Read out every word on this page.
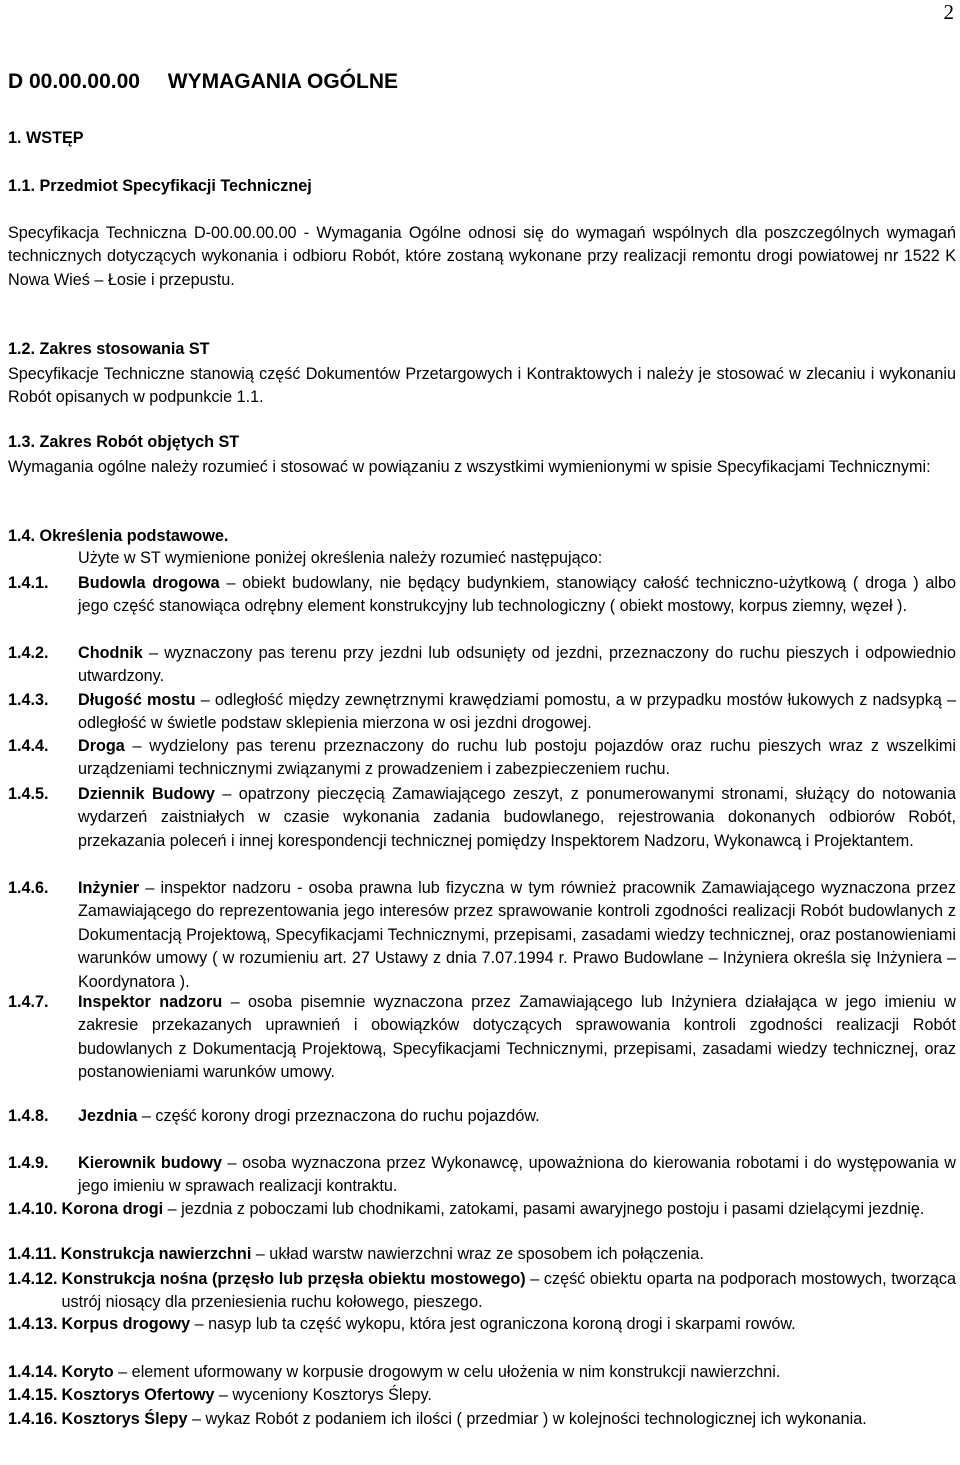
2
D 00.00.00.00 WYMAGANIA OGÓLNE
1. WSTĘP
1.1. Przedmiot Specyfikacji Technicznej
Specyfikacja Techniczna D-00.00.00.00 - Wymagania Ogólne odnosi się do wymagań wspólnych dla poszczególnych wymagań technicznych dotyczących wykonania i odbioru Robót, które zostaną wykonane przy realizacji remontu drogi powiatowej nr 1522 K Nowa Wieś – Łosie i przepustu.
1.2. Zakres stosowania ST
Specyfikacje Techniczne stanowią część Dokumentów Przetargowych i Kontraktowych i należy je stosować w zlecaniu i wykonaniu Robót opisanych w podpunkcie 1.1.
1.3. Zakres Robót objętych ST
Wymagania ogólne należy rozumieć i stosować w powiązaniu z wszystkimi wymienionymi w spisie Specyfikacjami Technicznymi:
1.4. Określenia podstawowe.
Użyte w ST wymienione poniżej określenia należy rozumieć następująco:
1.4.1.	Budowla drogowa – obiekt budowlany, nie będący budynkiem, stanowiący całość techniczno-użytkową ( droga ) albo jego część stanowiąca odrębny element konstrukcyjny lub technologiczny ( obiekt mostowy, korpus ziemny, węzeł ).
1.4.2.	Chodnik – wyznaczony pas terenu przy jezdni lub odsunięty od jezdni, przeznaczony do ruchu pieszych i odpowiednio utwardzony.
1.4.3.	Długość mostu – odległość między zewnętrznymi krawędziami pomostu, a w przypadku mostów łukowych z nadsypką – odległość w świetle podstaw sklepienia mierzona w osi jezdni drogowej.
1.4.4.	Droga – wydzielony pas terenu przeznaczony do ruchu lub postoju pojazdów oraz ruchu pieszych wraz z wszelkimi urządzeniami technicznymi związanymi z prowadzeniem i zabezpieczeniem ruchu.
1.4.5.	Dziennik Budowy – opatrzony pieczęcią Zamawiającego zeszyt, z ponumerowanymi stronami, służący do notowania wydarzeń zaistniałych w czasie wykonania zadania budowlanego, rejestrowania dokonanych odbiorów Robót, przekazania poleceń i innej korespondencji technicznej pomiędzy Inspektorem Nadzoru, Wykonawcą i Projektantem.
1.4.6.	Inżynier – inspektor nadzoru - osoba prawna lub fizyczna w tym również pracownik Zamawiającego wyznaczona przez Zamawiającego do reprezentowania jego interesów przez sprawowanie kontroli zgodności realizacji Robót budowlanych z Dokumentacją Projektową, Specyfikacjami Technicznymi, przepisami, zasadami wiedzy technicznej, oraz postanowieniami warunków umowy ( w rozumieniu art. 27 Ustawy z dnia 7.07.1994 r. Prawo Budowlane – Inżyniera określa się Inżyniera – Koordynatora ).
1.4.7.	Inspektor nadzoru – osoba pisemnie wyznaczona przez Zamawiającego lub Inżyniera działająca w jego imieniu w zakresie przekazanych uprawnień i obowiązków dotyczących sprawowania kontroli zgodności realizacji Robót budowlanych z Dokumentacją Projektową, Specyfikacjami Technicznymi, przepisami, zasadami wiedzy technicznej, oraz postanowieniami warunków umowy.
1.4.8.	Jezdnia – część korony drogi przeznaczona do ruchu pojazdów.
1.4.9.	Kierownik budowy – osoba wyznaczona przez Wykonawcę, upoważniona do kierowania robotami i do występowania w jego imieniu w sprawach realizacji kontraktu.
1.4.10. Korona drogi – jezdnia z poboczami lub chodnikami, zatokami, pasami awaryjnego postoju i pasami dzielącymi jezdnię.
1.4.11. Konstrukcja nawierzchni – układ warstw nawierzchni wraz ze sposobem ich połączenia.
1.4.12. Konstrukcja nośna (przęsło lub przęsła obiektu mostowego) – część obiektu oparta na podporach mostowych, tworząca ustrój niosący dla przeniesienia ruchu kołowego, pieszego.
1.4.13. Korpus drogowy – nasyp lub ta część wykopu, która jest ograniczona koroną drogi i skarpami rowów.
1.4.14. Koryto – element uformowany w korpusie drogowym w celu ułożenia w nim konstrukcji nawierzchni.
1.4.15. Kosztorys Ofertowy – wyceniony Kosztorys Ślepy.
1.4.16. Kosztorys Ślepy – wykaz Robót z podaniem ich ilości ( przedmiar ) w kolejności technologicznej ich wykonania.
